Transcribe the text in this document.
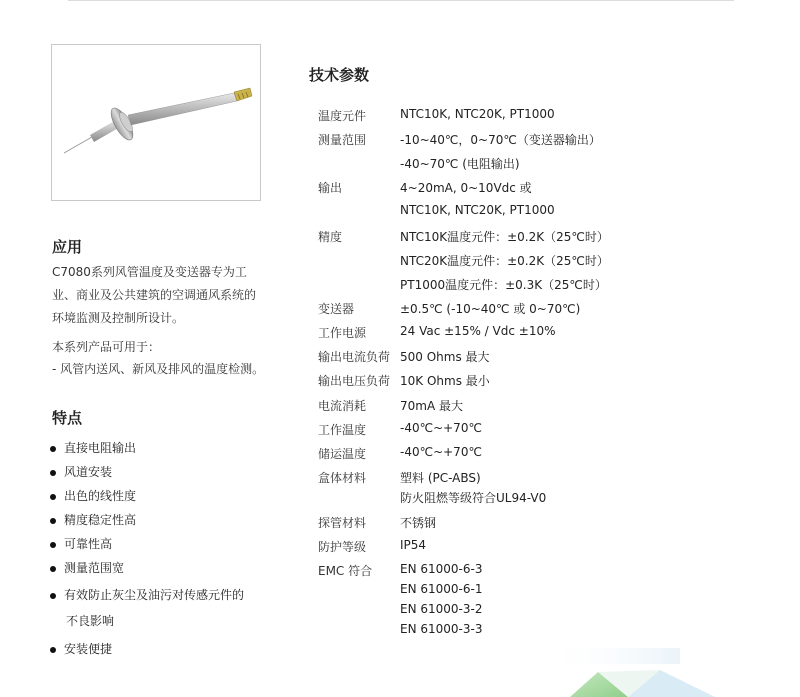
应用
C7080系列风管温度及变送器专为工
业、商业及公共建筑的空调通风系统的
环境监测及控制所设计。
本系列产品可用于：
- 风管内送风、新风及排风的温度检测。
特点
直接电阻输出
风道安装
出色的线性度
精度稳定性高
可靠性高
测量范围宽
有效防止灰尘及油污对传感元件的
不良影响
安装便捷
技术参数
温度元件	NTC10K, NTC20K, PT1000
测量范围	-10~40℃，0~70℃（变送器输出）
-40~70℃ (电阻输出)
输出	4~20mA, 0~10Vdc 或
NTC10K, NTC20K, PT1000
精度	NTC10K温度元件：±0.2K（25℃时）
NTC20K温度元件：±0.2K（25℃时）
PT1000温度元件：±0.3K（25℃时）
变送器	±0.5℃ (-10~40℃ 或 0~70℃)
工作电源	24 Vac ±15% / Vdc ±10%
输出电流负荷 500 Ohms 最大
输出电压负荷 10K Ohms 最小
电流消耗	70mA 最大
工作温度	-40℃~+70℃
储运温度	-40℃~+70℃
盒体材料	塑料 (PC-ABS)
防火阻燃等级符合UL94-V0
探管材料	不锈钢
防护等级	IP54
EMC 符合 EN 61000-6-3
EN 61000-6-1
EN 61000-3-2
EN 61000-3-3
